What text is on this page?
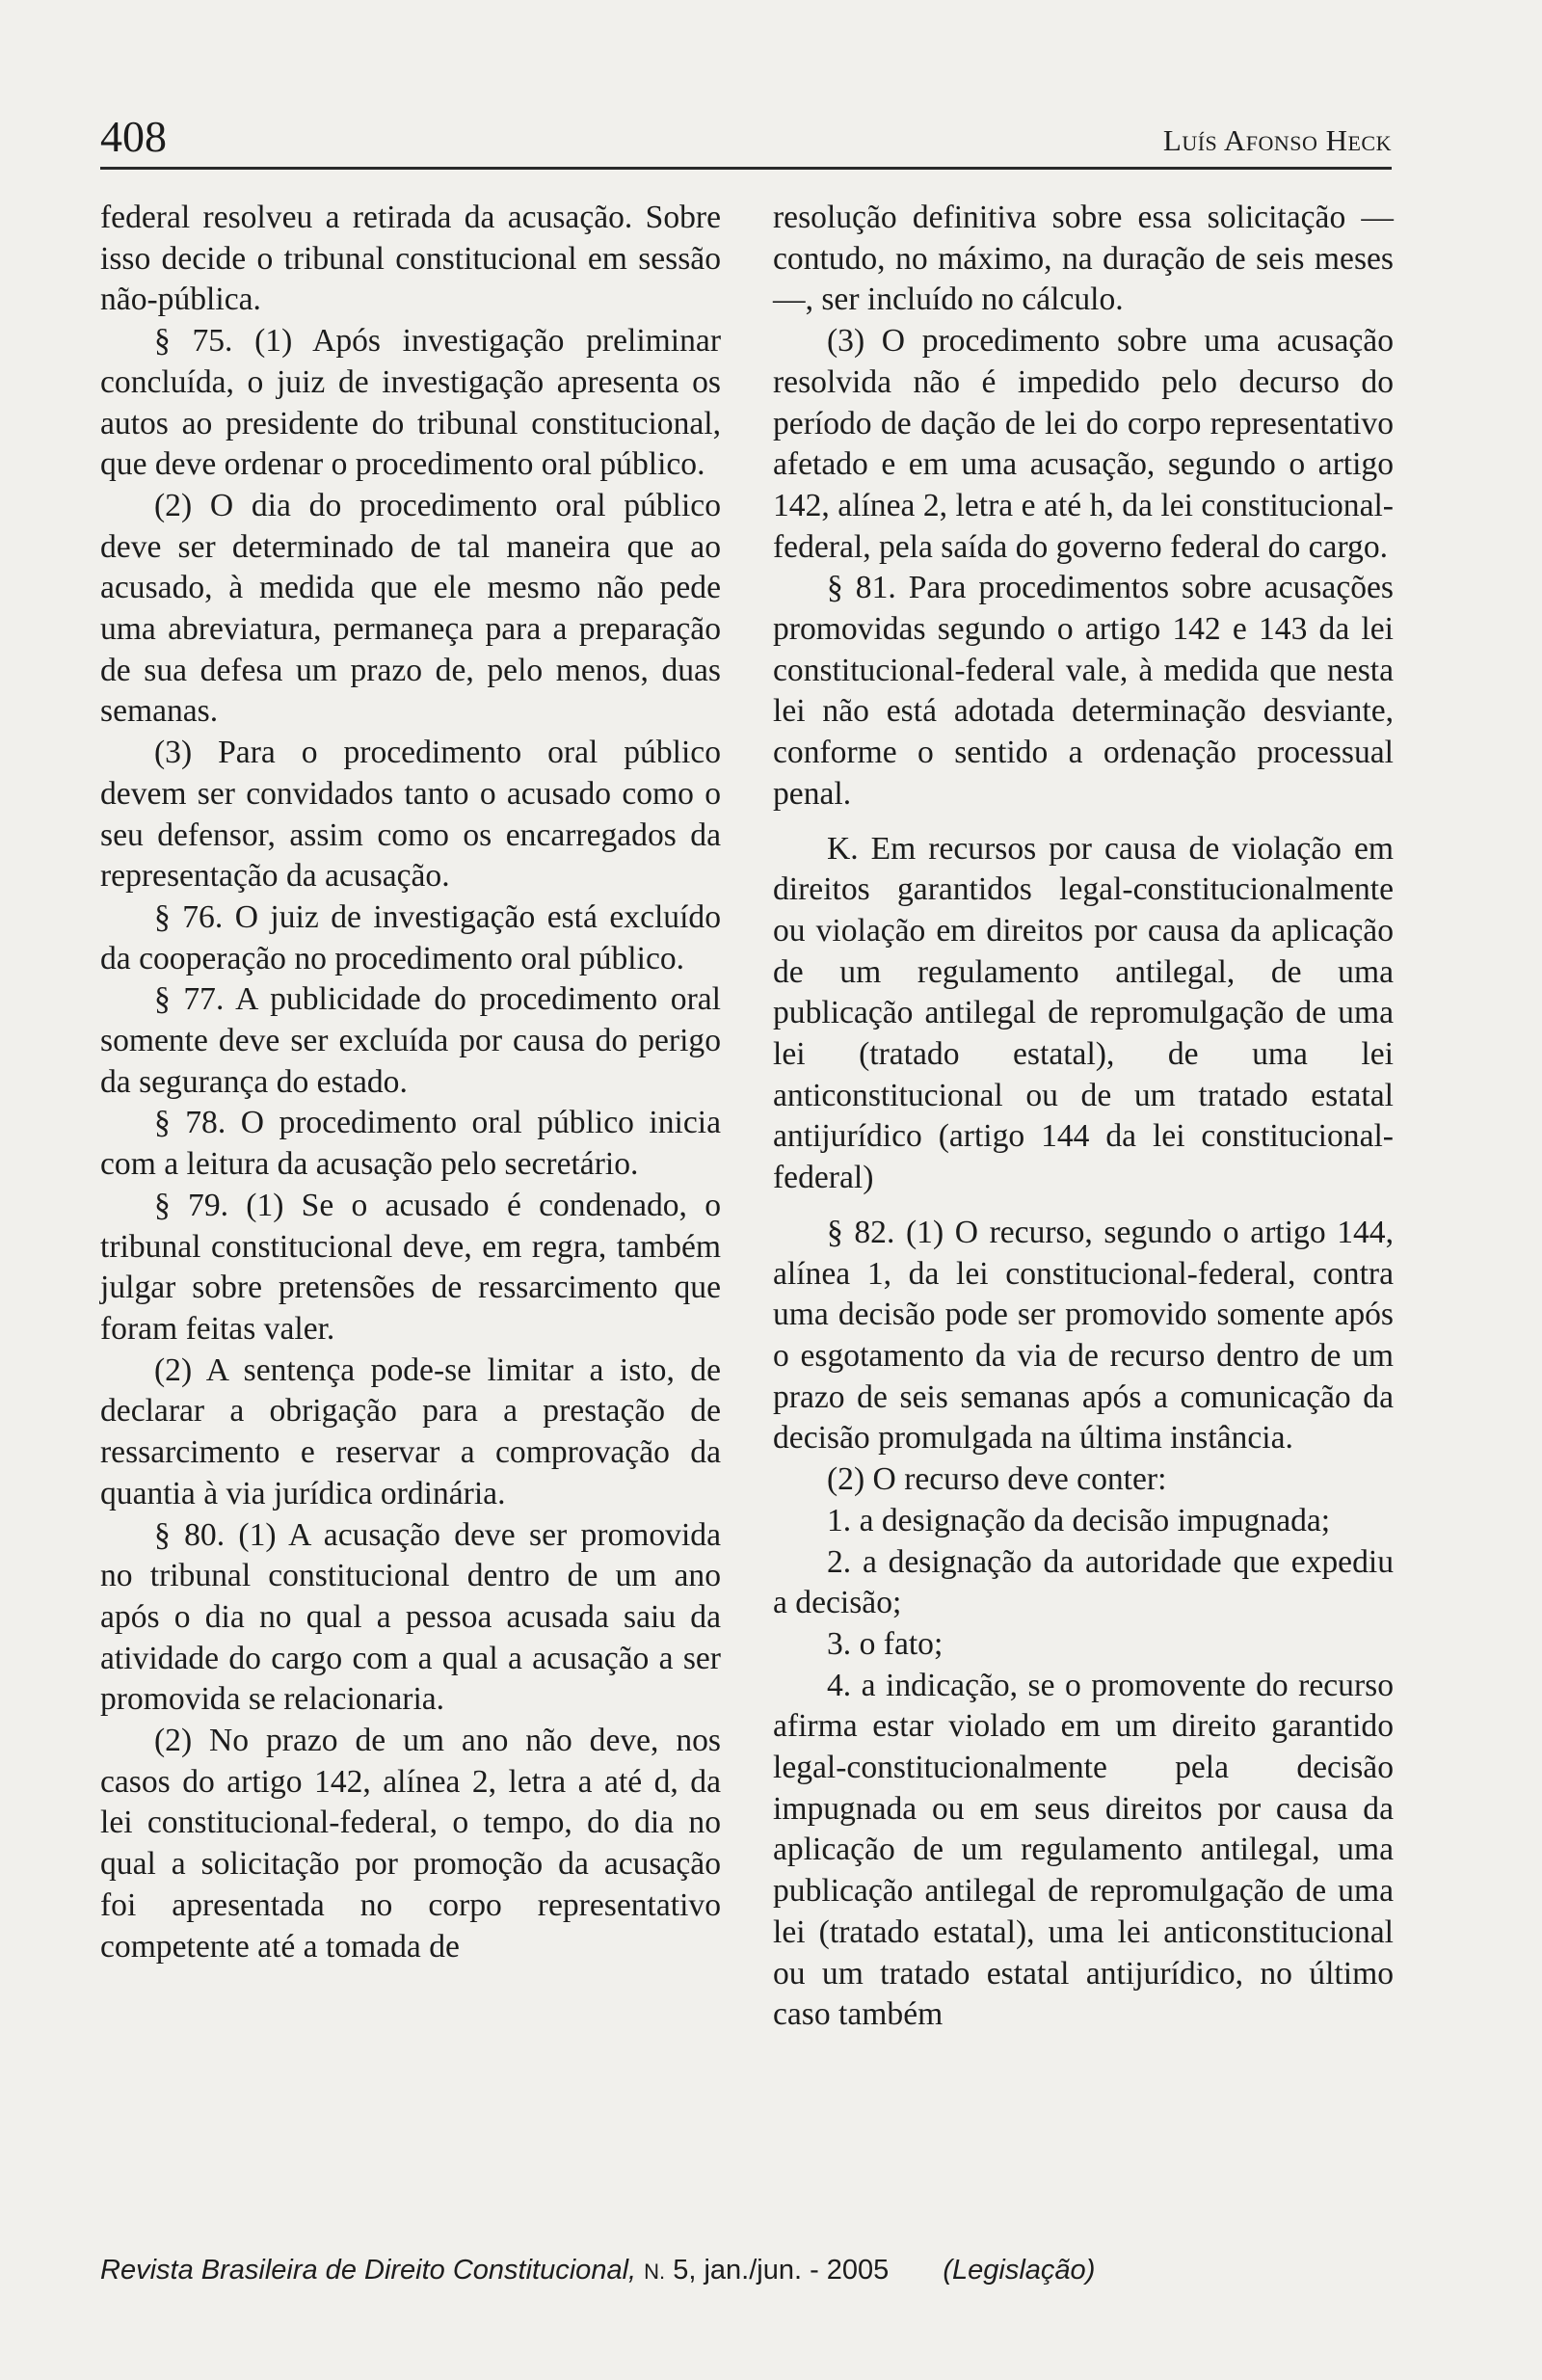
408	Luís Afonso Heck

federal resolveu a retirada da acusação. Sobre isso decide o tribunal constitucional em sessão não-pública.

§ 75. (1) Após investigação preliminar concluída, o juiz de investigação apresenta os autos ao presidente do tribunal constitucional, que deve ordenar o procedimento oral público.

(2) O dia do procedimento oral público deve ser determinado de tal maneira que ao acusado, à medida que ele mesmo não pede uma abreviatura, permaneça para a preparação de sua defesa um prazo de, pelo menos, duas semanas.

(3) Para o procedimento oral público devem ser convidados tanto o acusado como o seu defensor, assim como os encarregados da representação da acusação.

§ 76. O juiz de investigação está excluído da cooperação no procedimento oral público.

§ 77. A publicidade do procedimento oral somente deve ser excluída por causa do perigo da segurança do estado.

§ 78. O procedimento oral público inicia com a leitura da acusação pelo secretário.

§ 79. (1) Se o acusado é condenado, o tribunal constitucional deve, em regra, também julgar sobre pretensões de ressarcimento que foram feitas valer.

(2) A sentença pode-se limitar a isto, de declarar a obrigação para a prestação de ressarcimento e reservar a comprovação da quantia à via jurídica ordinária.

§ 80. (1) A acusação deve ser promovida no tribunal constitucional dentro de um ano após o dia no qual a pessoa acusada saiu da atividade do cargo com a qual a acusação a ser promovida se relacionaria.

(2) No prazo de um ano não deve, nos casos do artigo 142, alínea 2, letra a até d, da lei constitucional-federal, o tempo, do dia no qual a solicitação por promoção da acusação foi apresentada no corpo representativo competente até a tomada de

resolução definitiva sobre essa solicitação — contudo, no máximo, na duração de seis meses —, ser incluído no cálculo.

(3) O procedimento sobre uma acusação resolvida não é impedido pelo decurso do período de dação de lei do corpo representativo afetado e em uma acusação, segundo o artigo 142, alínea 2, letra e até h, da lei constitucional-federal, pela saída do governo federal do cargo.

§ 81. Para procedimentos sobre acusações promovidas segundo o artigo 142 e 143 da lei constitucional-federal vale, à medida que nesta lei não está adotada determinação desviante, conforme o sentido a ordenação processual penal.

K. Em recursos por causa de violação em direitos garantidos legal-constitucionalmente ou violação em direitos por causa da aplicação de um regulamento antilegal, de uma publicação antilegal de repromulgação de uma lei (tratado estatal), de uma lei anticonstitucional ou de um tratado estatal antijurídico (artigo 144 da lei constitucional-federal)

§ 82. (1) O recurso, segundo o artigo 144, alínea 1, da lei constitucional-federal, contra uma decisão pode ser promovido somente após o esgotamento da via de recurso dentro de um prazo de seis semanas após a comunicação da decisão promulgada na última instância.

(2) O recurso deve conter:

1. a designação da decisão impugnada;

2. a designação da autoridade que expediu a decisão;

3. o fato;

4. a indicação, se o promovente do recurso afirma estar violado em um direito garantido legal-constitucionalmente pela decisão impugnada ou em seus direitos por causa da aplicação de um regulamento antilegal, uma publicação antilegal de repromulgação de uma lei (tratado estatal), uma lei anticonstitucional ou um tratado estatal antijurídico, no último caso também

Revista Brasileira de Direito Constitucional, N. 5, jan./jun. - 2005 (Legislação)
